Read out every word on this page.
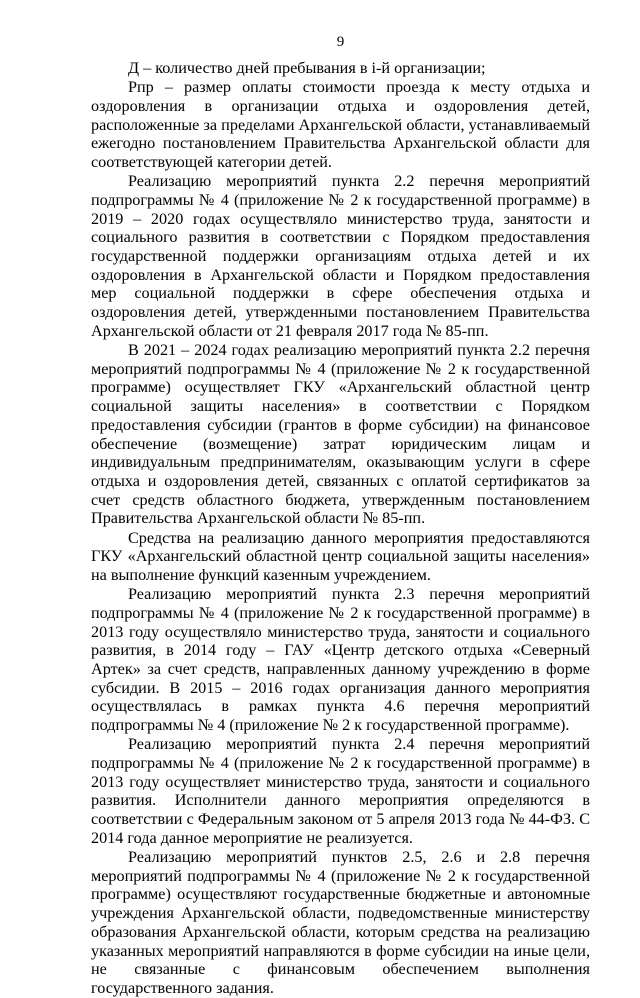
9

Д – количество дней пребывания в i-й организации;

Pпр – размер оплаты стоимости проезда к месту отдыха и оздоровления в организации отдыха и оздоровления детей, расположенные за пределами Архангельской области, устанавливаемый ежегодно постановлением Правительства Архангельской области для соответствующей категории детей.

Реализацию мероприятий пункта 2.2 перечня мероприятий подпрограммы № 4 (приложение № 2 к государственной программе) в 2019 – 2020 годах осуществляло министерство труда, занятости и социального развития в соответствии с Порядком предоставления государственной поддержки организациям отдыха детей и их оздоровления в Архангельской области и Порядком предоставления мер социальной поддержки в сфере обеспечения отдыха и оздоровления детей, утвержденными постановлением Правительства Архангельской области от 21 февраля 2017 года № 85-пп.

В 2021 – 2024 годах реализацию мероприятий пункта 2.2 перечня мероприятий подпрограммы № 4 (приложение № 2 к государственной программе) осуществляет ГКУ «Архангельский областной центр социальной защиты населения» в соответствии с Порядком предоставления субсидии (грантов в форме субсидии) на финансовое обеспечение (возмещение) затрат юридическим лицам и индивидуальным предпринимателям, оказывающим услуги в сфере отдыха и оздоровления детей, связанных с оплатой сертификатов за счет средств областного бюджета, утвержденным постановлением Правительства Архангельской области № 85-пп.

Средства на реализацию данного мероприятия предоставляются ГКУ «Архангельский областной центр социальной защиты населения» на выполнение функций казенным учреждением.

Реализацию мероприятий пункта 2.3 перечня мероприятий подпрограммы № 4 (приложение № 2 к государственной программе) в 2013 году осуществляло министерство труда, занятости и социального развития, в 2014 году – ГАУ «Центр детского отдыха «Северный Артек» за счет средств, направленных данному учреждению в форме субсидии. В 2015 – 2016 годах организация данного мероприятия осуществлялась в рамках пункта 4.6 перечня мероприятий подпрограммы № 4 (приложение № 2 к государственной программе).

Реализацию мероприятий пункта 2.4 перечня мероприятий подпрограммы № 4 (приложение № 2 к государственной программе) в 2013 году осуществляет министерство труда, занятости и социального развития. Исполнители данного мероприятия определяются в соответствии с Федеральным законом от 5 апреля 2013 года № 44-ФЗ. С 2014 года данное мероприятие не реализуется.

Реализацию мероприятий пунктов 2.5, 2.6 и 2.8 перечня мероприятий подпрограммы № 4 (приложение № 2 к государственной программе) осуществляют государственные бюджетные и автономные учреждения Архангельской области, подведомственные министерству образования Архангельской области, которым средства на реализацию указанных мероприятий направляются в форме субсидии на иные цели, не связанные с финансовым обеспечением выполнения государственного задания.
